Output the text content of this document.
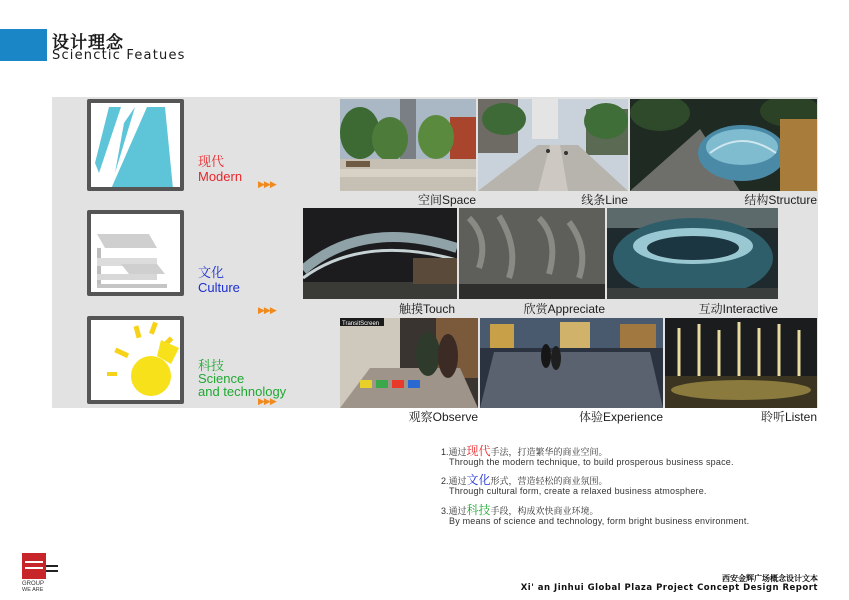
设计理念
Scienctic Featues
现代
Modern
▶▶▶
文化
Culture
▶▶▶
科技
Science
and technology
▶▶▶
空间Space	线条Line	结构Structure
触摸Touch	欣赏Appreciate	互动Interactive
TransitScreen
观察Observe	体验Experience	聆听Listen
1.通过现代手法，打造繁华的商业空间。
Through the modern technique, to build prosperous business space.
2.通过文化形式，营造轻松的商业氛围。
Through cultural form, create a relaxed business atmosphere.
3.通过科技手段，构成欢快商业环境。
By means of science and technology, form bright business environment.
GROUP
WE ARE
西安金辉广场概念设计文本
Xi' an Jinhui Global Plaza Project Concept Design Report
